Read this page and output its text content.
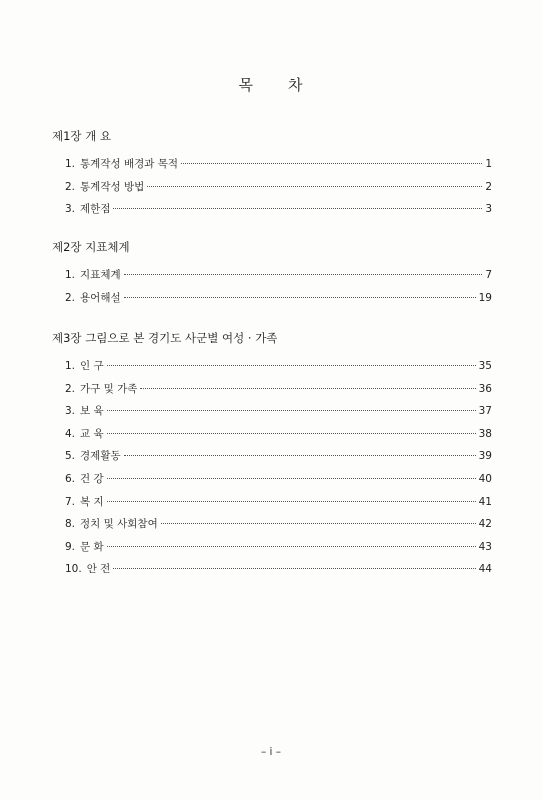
목 차
제1장 개 요
1. 통계작성 배경과 목적	1
2. 통계작성 방법	2
3. 제한점	3
제2장 지표체계
1. 지표체계	7
2. 용어해설	19
제3장 그림으로 본 경기도 사군별 여성 · 가족
1. 인 구	35
2. 가구 및 가족	36
3. 보 육	37
4. 교 육	38
5. 경제활동	39
6. 건 강	40
7. 복 지	41
8. 정치 및 사회참여	42
9. 문 화	43
10. 안 전	44
– i –
